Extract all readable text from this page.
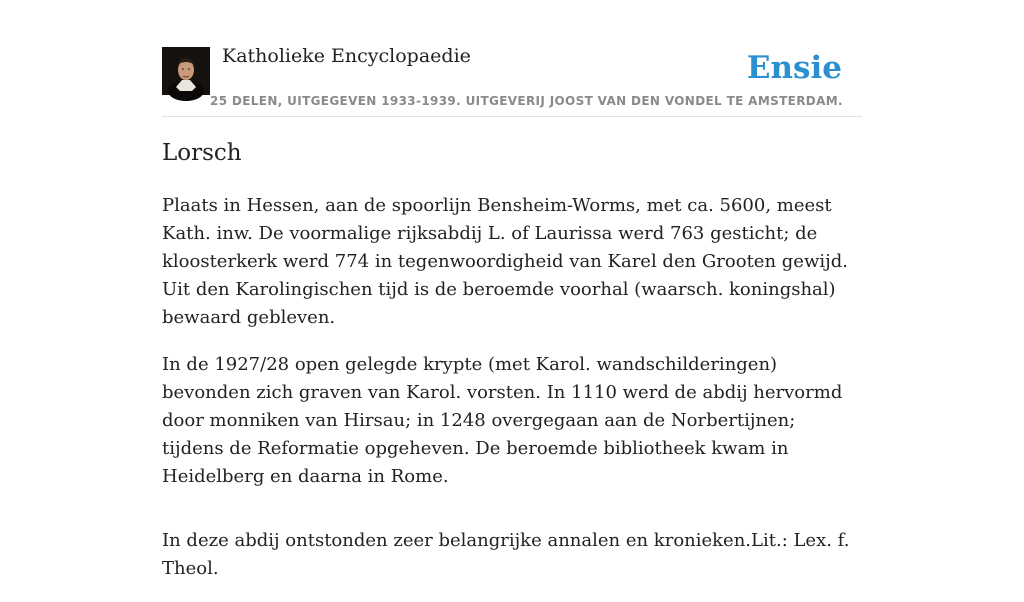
Katholieke Encyclopaedie	Ensie
25 DELEN, UITGEGEVEN 1933-1939. UITGEVERIJ JOOST VAN DEN VONDEL TE AMSTERDAM.
Lorsch

Plaats in Hessen, aan de spoorlijn Bensheim-Worms, met ca. 5600, meest Kath. inw. De voormalige rijksabdij L. of Laurissa werd 763 gesticht; de kloosterkerk werd 774 in tegenwoordigheid van Karel den Grooten gewijd. Uit den Karolingischen tijd is de beroemde voorhal (waarsch. koningshal) bewaard gebleven.

In de 1927/28 open gelegde krypte (met Karol. wandschilderingen) bevonden zich graven van Karol. vorsten. In 1110 werd de abdij hervormd door monniken van Hirsau; in 1248 overgegaan aan de Norbertijnen; tijdens de Reformatie opgeheven. De beroemde bibliotheek kwam in Heidelberg en daarna in Rome.

In deze abdij ontstonden zeer belangrijke annalen en kronieken.Lit.: Lex. f. Theol.
